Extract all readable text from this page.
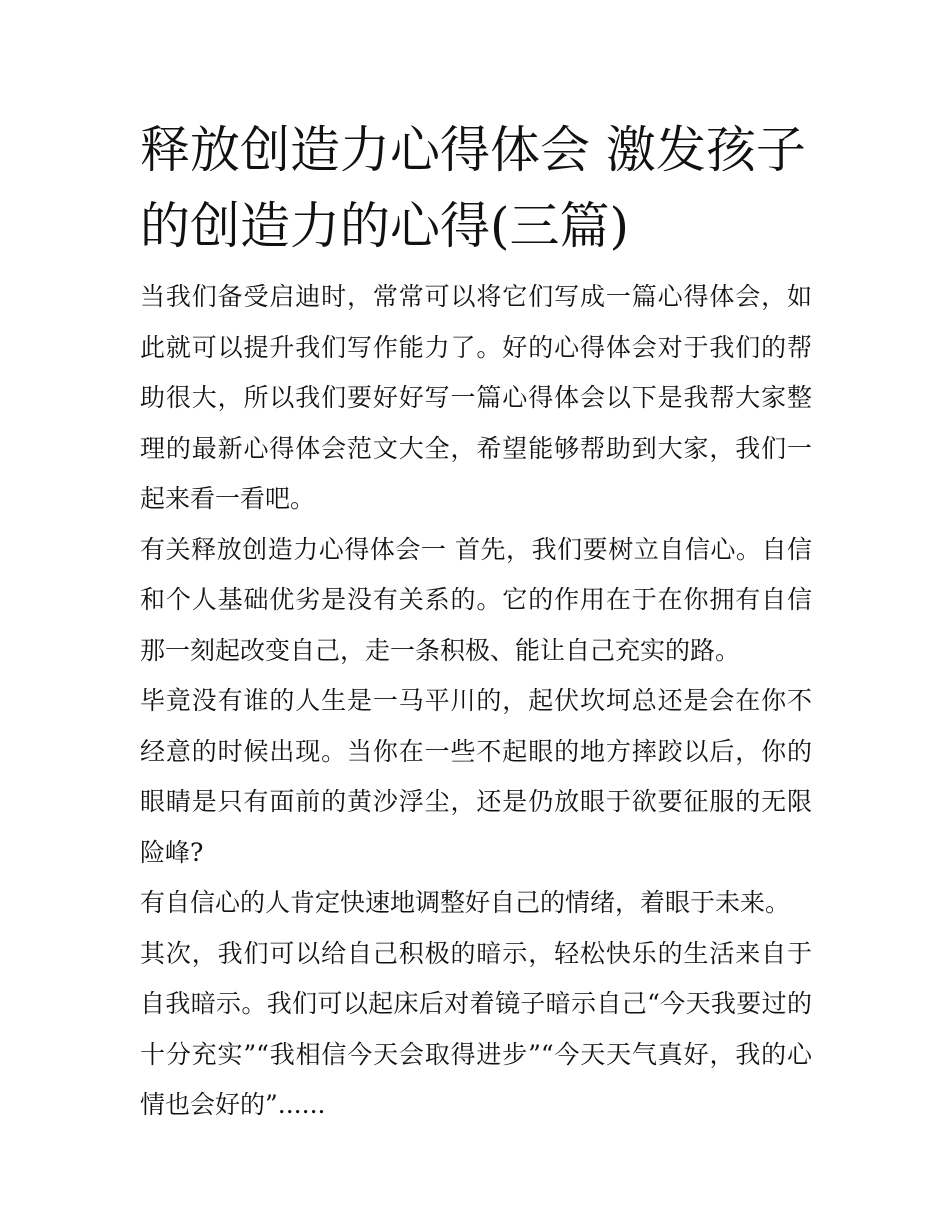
释放创造力心得体会 激发孩子的创造力的心得(三篇)

当我们备受启迪时，常常可以将它们写成一篇心得体会，如此就可以提升我们写作能力了。好的心得体会对于我们的帮助很大，所以我们要好好写一篇心得体会以下是我帮大家整理的最新心得体会范文大全，希望能够帮助到大家，我们一起来看一看吧。

有关释放创造力心得体会一 首先，我们要树立自信心。自信和个人基础优劣是没有关系的。它的作用在于在你拥有自信那一刻起改变自己，走一条积极、能让自己充实的路。

毕竟没有谁的人生是一马平川的，起伏坎坷总还是会在你不经意的时候出现。当你在一些不起眼的地方摔跤以后，你的眼睛是只有面前的黄沙浮尘，还是仍放眼于欲要征服的无限险峰?

有自信心的人肯定快速地调整好自己的情绪，着眼于未来。

其次，我们可以给自己积极的暗示，轻松快乐的生活来自于自我暗示。我们可以起床后对着镜子暗示自己“今天我要过的十分充实”“我相信今天会取得进步”“今天天气真好，我的心情也会好的”......
